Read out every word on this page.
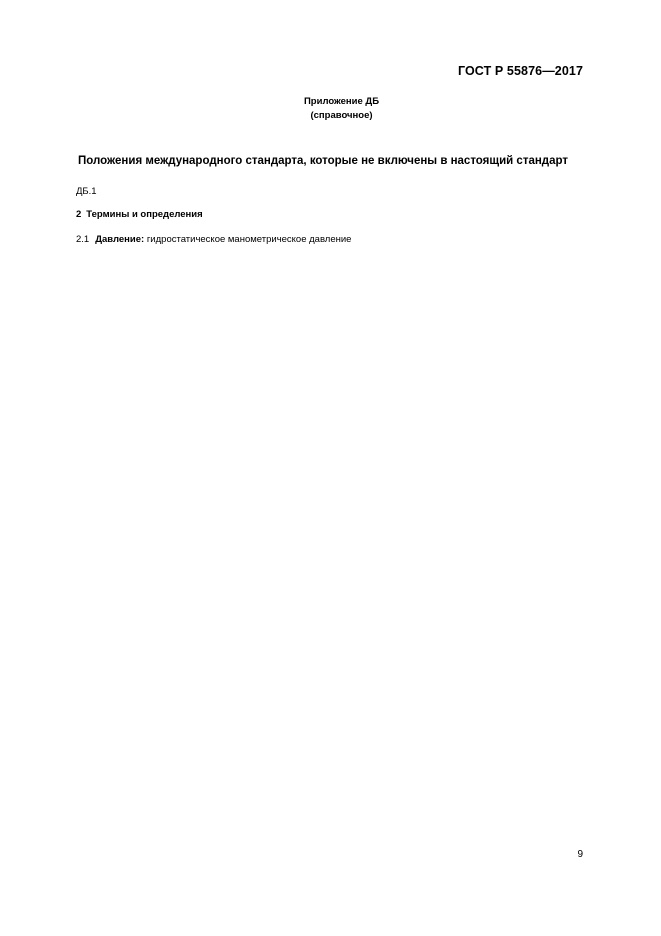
ГОСТ Р 55876—2017
Приложение ДБ
(справочное)
Положения международного стандарта, которые не включены в настоящий стандарт
ДБ.1
2 Термины и определения
2.1 Давление: гидростатическое манометрическое давление
9
